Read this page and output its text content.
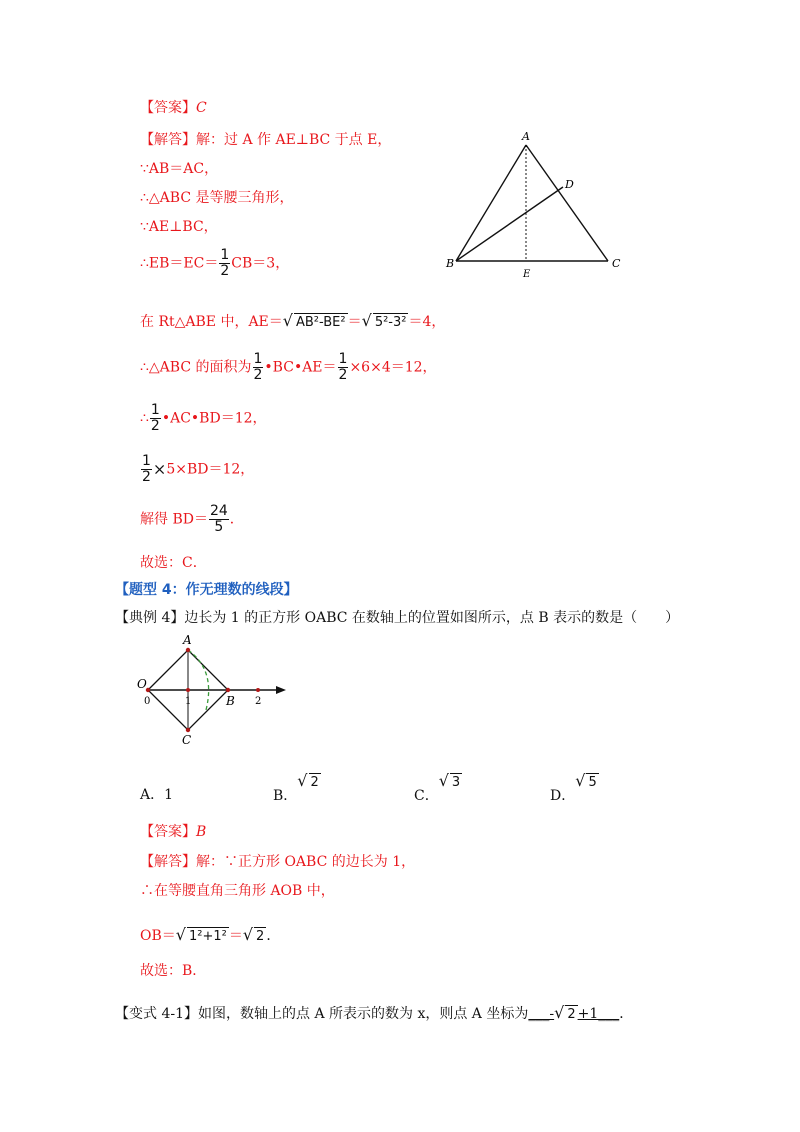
【答案】C
【解答】解：过 A 作 AE⊥BC 于点 E，
∵AB＝AC，
∴△ABC 是等腰三角形，
∵AE⊥BC，
∴EB＝EC＝ $\frac{1}{2} CB=3$，
在 Rt△ABE 中，AE＝√ AB²-BE² ＝√ 5²-3² ＝4，
∴△ABC 的面积为 $\frac{1}{2}$ •BC•AE＝ $\frac{1}{2} \times 6\times 4=12$，
∴ $\frac{1}{2}$ •AC•BD＝12，
$\frac{1}{2} \times 5\times BD=12$，
解得 $BD= \frac{24}{5}$ ．
故选：C．
A
B	C
D
E
【题型 4：作无理数的线段】
【典例 4】边长为 1 的正方形 OABC 在数轴上的位置如图所示，点 B 表示的数是（　　）
O
A
B
C
0	1	2
A．1	B．√ 2
C．√ 3
D．√ 5
【答案】B
【解答】解：∵正方形 OABC 的边长为 1，
∴在等腰直角三角形 AOB 中，
OB＝√ 1²+1² ＝√ 2 ．
故选：B．
【变式 4-1】如图，数轴上的点 A 所表示的数为 x，则点 A 坐标为___-√ 2 +1___．
